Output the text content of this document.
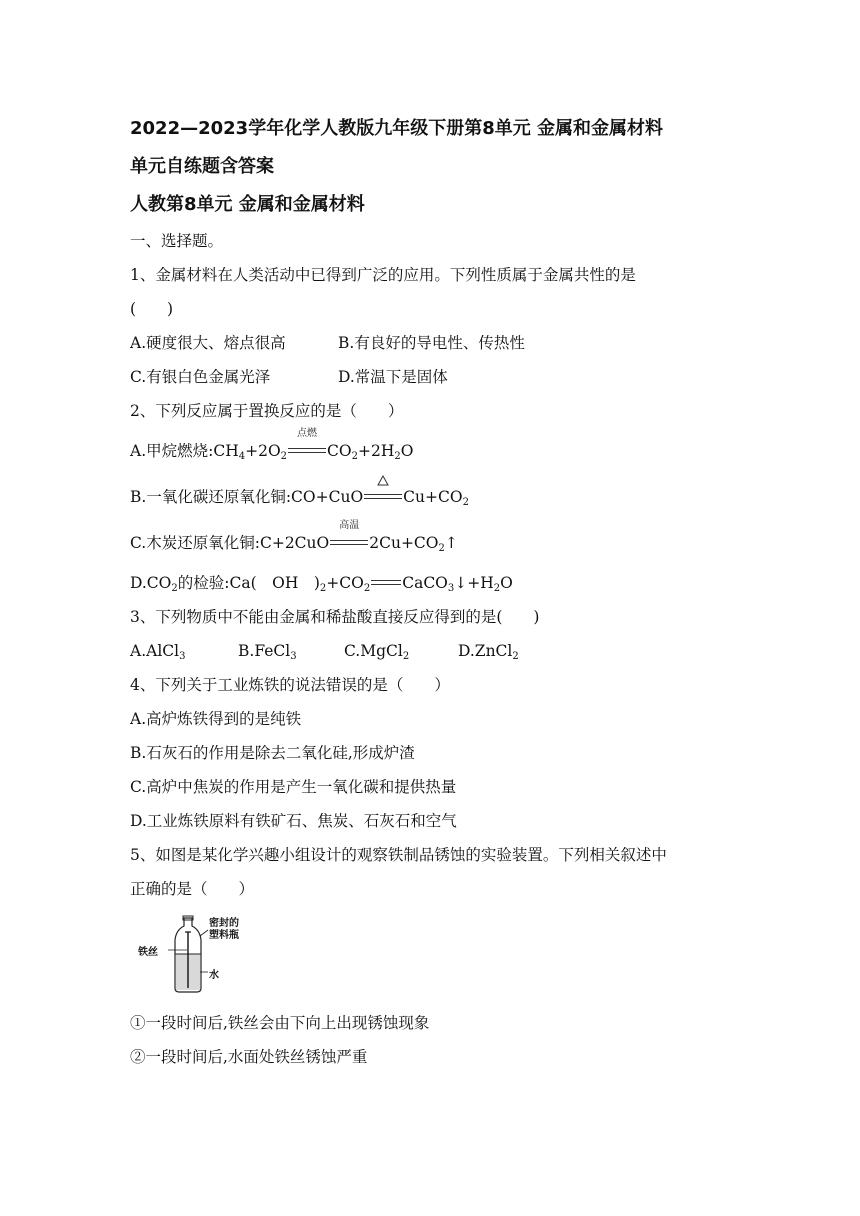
2022—2023学年化学人教版九年级下册第8单元 金属和金属材料
单元自练题含答案
人教第8单元 金属和金属材料
一、选择题。
1、金属材料在人类活动中已得到广泛的应用。下列性质属于金属共性的是
(　　)
A.硬度很大、熔点很高	B.有良好的导电性、传热性
C.有银白色金属光泽	D.常温下是固体
2、下列反应属于置换反应的是（　　）
A.甲烷燃烧$:CH_4+2O_2$
点燃
$CO_2+2H_2O$
B.一氧化碳还原氧化铜:CO+CuO	$Cu+CO_2$
C.木炭还原氧化铜:C+2CuO
高温
$2Cu+CO_2↑$
$D.CO_2$的检验:Ca(　OH　)$_2+CO_2$ $CaCO_3↓+H_2O$
3、下列物质中不能由金属和稀盐酸直接反应得到的是(　　)
A.AlCl$_3$	B.FeCl$_3$	C.MgCl$_2$	D.ZnCl$_2$
4、下列关于工业炼铁的说法错误的是（　　）
A.高炉炼铁得到的是纯铁
B.石灰石的作用是除去二氧化硅,形成炉渣
C.高炉中焦炭的作用是产生一氧化碳和提供热量
D.工业炼铁原料有铁矿石、焦炭、石灰石和空气
5、如图是某化学兴趣小组设计的观察铁制品锈蚀的实验装置。下列相关叙述中
正确的是（　　）
铁丝
密封的
塑料瓶
水
①一段时间后,铁丝会由下向上出现锈蚀现象
②一段时间后,水面处铁丝锈蚀严重
